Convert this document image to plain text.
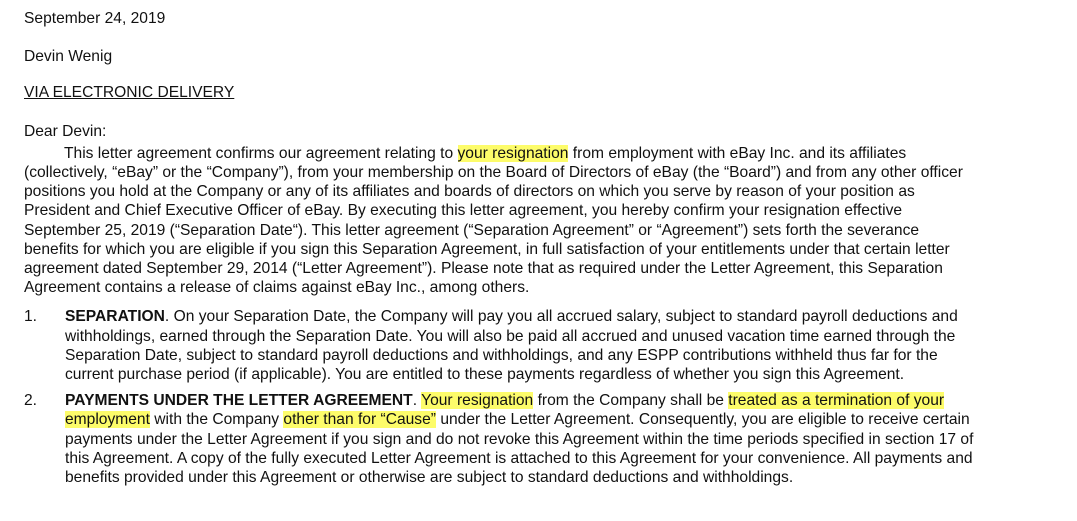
September 24, 2019
Devin Wenig
VIA ELECTRONIC DELIVERY
Dear Devin:
This letter agreement confirms our agreement relating to your resignation from employment with eBay Inc. and its affiliates
(collectively, “eBay” or the “Company”), from your membership on the Board of Directors of eBay (the “Board”) and from any other officer
positions you hold at the Company or any of its affiliates and boards of directors on which you serve by reason of your position as
President and Chief Executive Officer of eBay. By executing this letter agreement, you hereby confirm your resignation effective
September 25, 2019 (“Separation Date“). This letter agreement (“Separation Agreement” or “Agreement”) sets forth the severance
benefits for which you are eligible if you sign this Separation Agreement, in full satisfaction of your entitlements under that certain letter
agreement dated September 29, 2014 (“Letter Agreement”). Please note that as required under the Letter Agreement, this Separation
Agreement contains a release of claims against eBay Inc., among others.
1. SEPARATION. On your Separation Date, the Company will pay you all accrued salary, subject to standard payroll deductions and
withholdings, earned through the Separation Date. You will also be paid all accrued and unused vacation time earned through the
Separation Date, subject to standard payroll deductions and withholdings, and any ESPP contributions withheld thus far for the
current purchase period (if applicable). You are entitled to these payments regardless of whether you sign this Agreement.
2. PAYMENTS UNDER THE LETTER AGREEMENT. Your resignation from the Company shall be treated as a termination of your
employment with the Company other than for “Cause” under the Letter Agreement. Consequently, you are eligible to receive certain
payments under the Letter Agreement if you sign and do not revoke this Agreement within the time periods specified in section 17 of
this Agreement. A copy of the fully executed Letter Agreement is attached to this Agreement for your convenience. All payments and
benefits provided under this Agreement or otherwise are subject to standard deductions and withholdings.
